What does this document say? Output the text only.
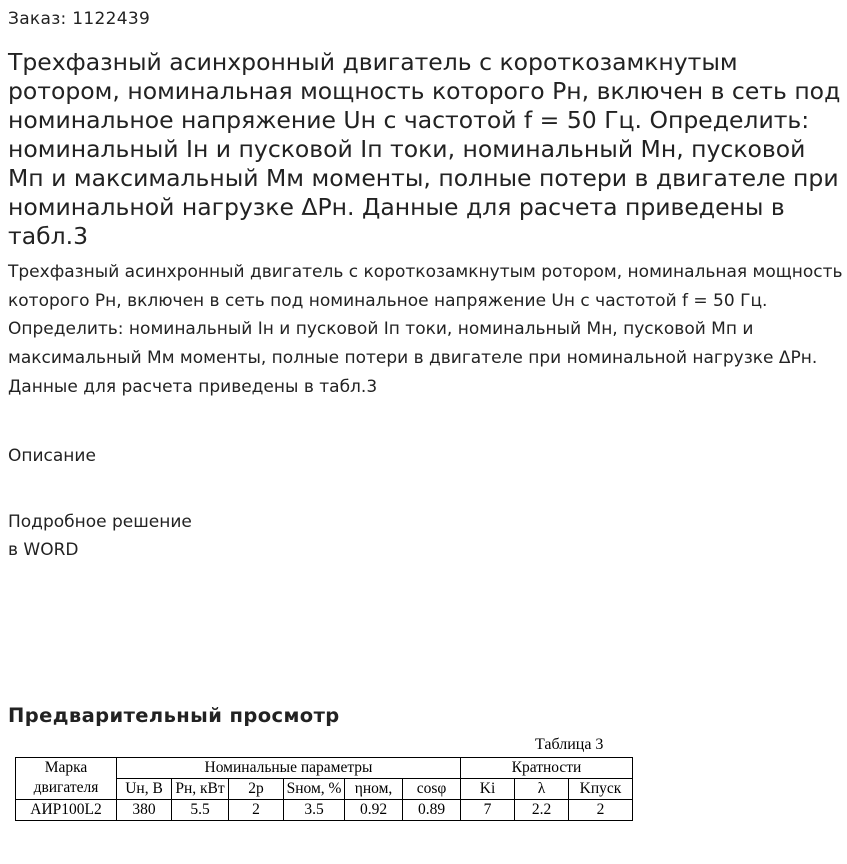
Заказ: 1122439
Трехфазный асинхронный двигатель с короткозамкнутым ротором, номинальная мощность которого Pн, включен в сеть под номинальное напряжение Uн с частотой f = 50 Гц. Определить: номинальный Iн и пусковой Iп токи, номинальный Mн, пусковой Mп и максимальный Mм моменты, полные потери в двигателе при номинальной нагрузке ΔPн. Данные для расчета приведены в табл.3

Трехфазный асинхронный двигатель с короткозамкнутым ротором, номинальная мощность которого Pн, включен в сеть под номинальное напряжение Uн с частотой f = 50 Гц. Определить: номинальный Iн и пусковой Iп токи, номинальный Mн, пусковой Mп и максимальный Mм моменты, полные потери в двигателе при номинальной нагрузке ΔPн. Данные для расчета приведены в табл.3

Описание
Подробное решение
в WORD
Предварительный просмотр
Таблица 3
Марка двигателя	Номинальные параметры						Кратности		
	Uн, В	Pн, кВт	2p	Sном, %	ηном,	cosφ	Ki	λ	Kпуск
АИР100L2	380	5.5	2	3.5	0.92	0.89	7	2.2	2
